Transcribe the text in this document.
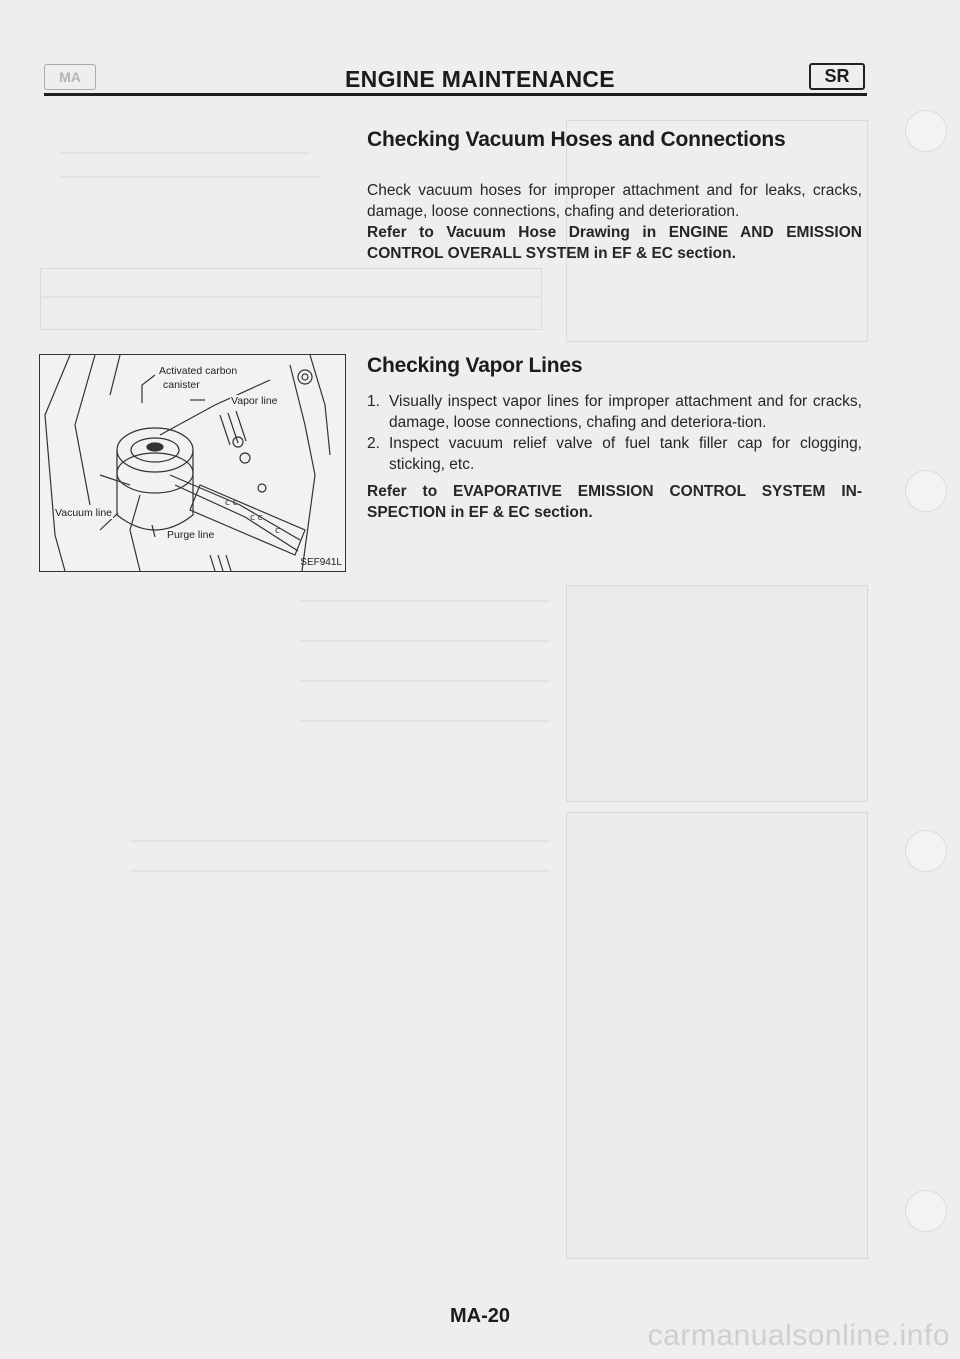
MA	ENGINE MAINTENANCE	SR
Checking Vacuum Hoses and Connections
Check vacuum hoses for improper attachment and for leaks, cracks, damage, loose connections, chafing and deterioration.
Refer to Vacuum Hose Drawing in ENGINE AND EMISSION CONTROL OVERALL SYSTEM in EF & EC section.
c c
c c
c
Activated carbon
canister
Vapor line
Vacuum line
Purge line
SEF941L
Checking Vapor Lines
1. Visually inspect vapor lines for improper attachment and for cracks, damage, loose connections, chafing and deteriora-tion.
2. Inspect vacuum relief valve of fuel tank filler cap for clogging, sticking, etc.
Refer to EVAPORATIVE EMISSION CONTROL SYSTEM IN-SPECTION in EF & EC section.
MA-20
carmanualsonline.info
